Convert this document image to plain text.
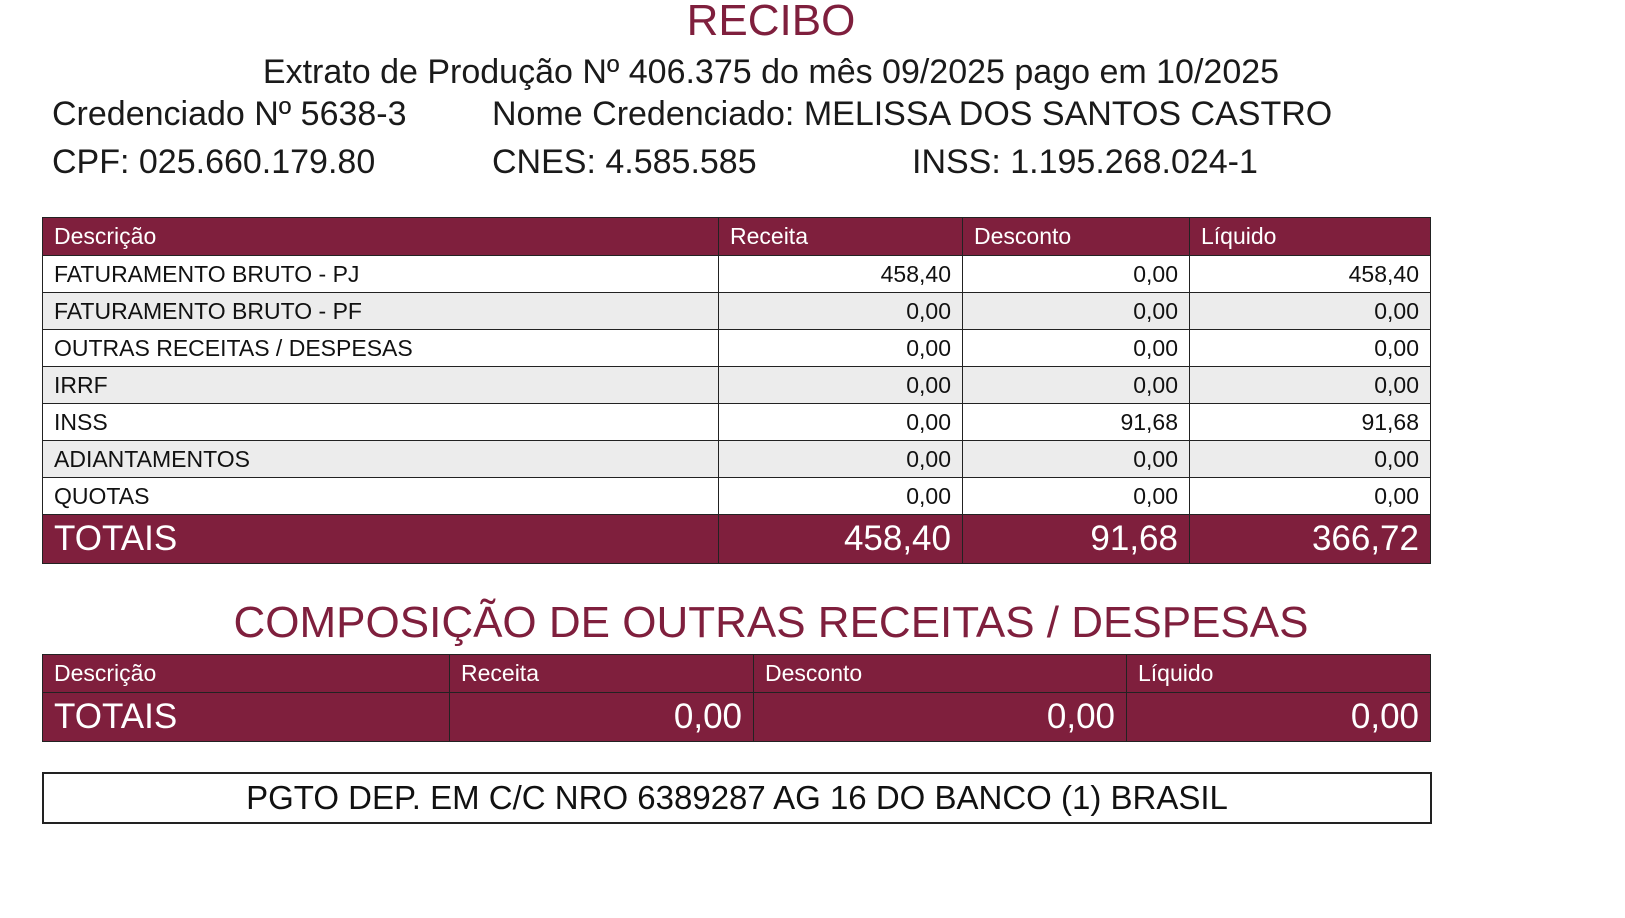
RECIBO
Extrato de Produção Nº 406.375 do mês 09/2025 pago em 10/2025
Credenciado Nº 5638-3	Nome Credenciado: MELISSA DOS SANTOS CASTRO
CPF: 025.660.179.80	CNES: 4.585.585	INSS: 1.195.268.024-1
Descrição	Receita	Desconto	Líquido
FATURAMENTO BRUTO - PJ	458,40	0,00	458,40
FATURAMENTO BRUTO - PF	0,00	0,00	0,00
OUTRAS RECEITAS / DESPESAS	0,00	0,00	0,00
IRRF	0,00	0,00	0,00
INSS	0,00	91,68	91,68
ADIANTAMENTOS	0,00	0,00	0,00
QUOTAS	0,00	0,00	0,00
TOTAIS	458,40	91,68	366,72
COMPOSIÇÃO DE OUTRAS RECEITAS / DESPESAS
Descrição	Receita	Desconto	Líquido
TOTAIS	0,00	0,00	0,00
PGTO DEP. EM C/C NRO 6389287 AG 16 DO BANCO (1) BRASIL
